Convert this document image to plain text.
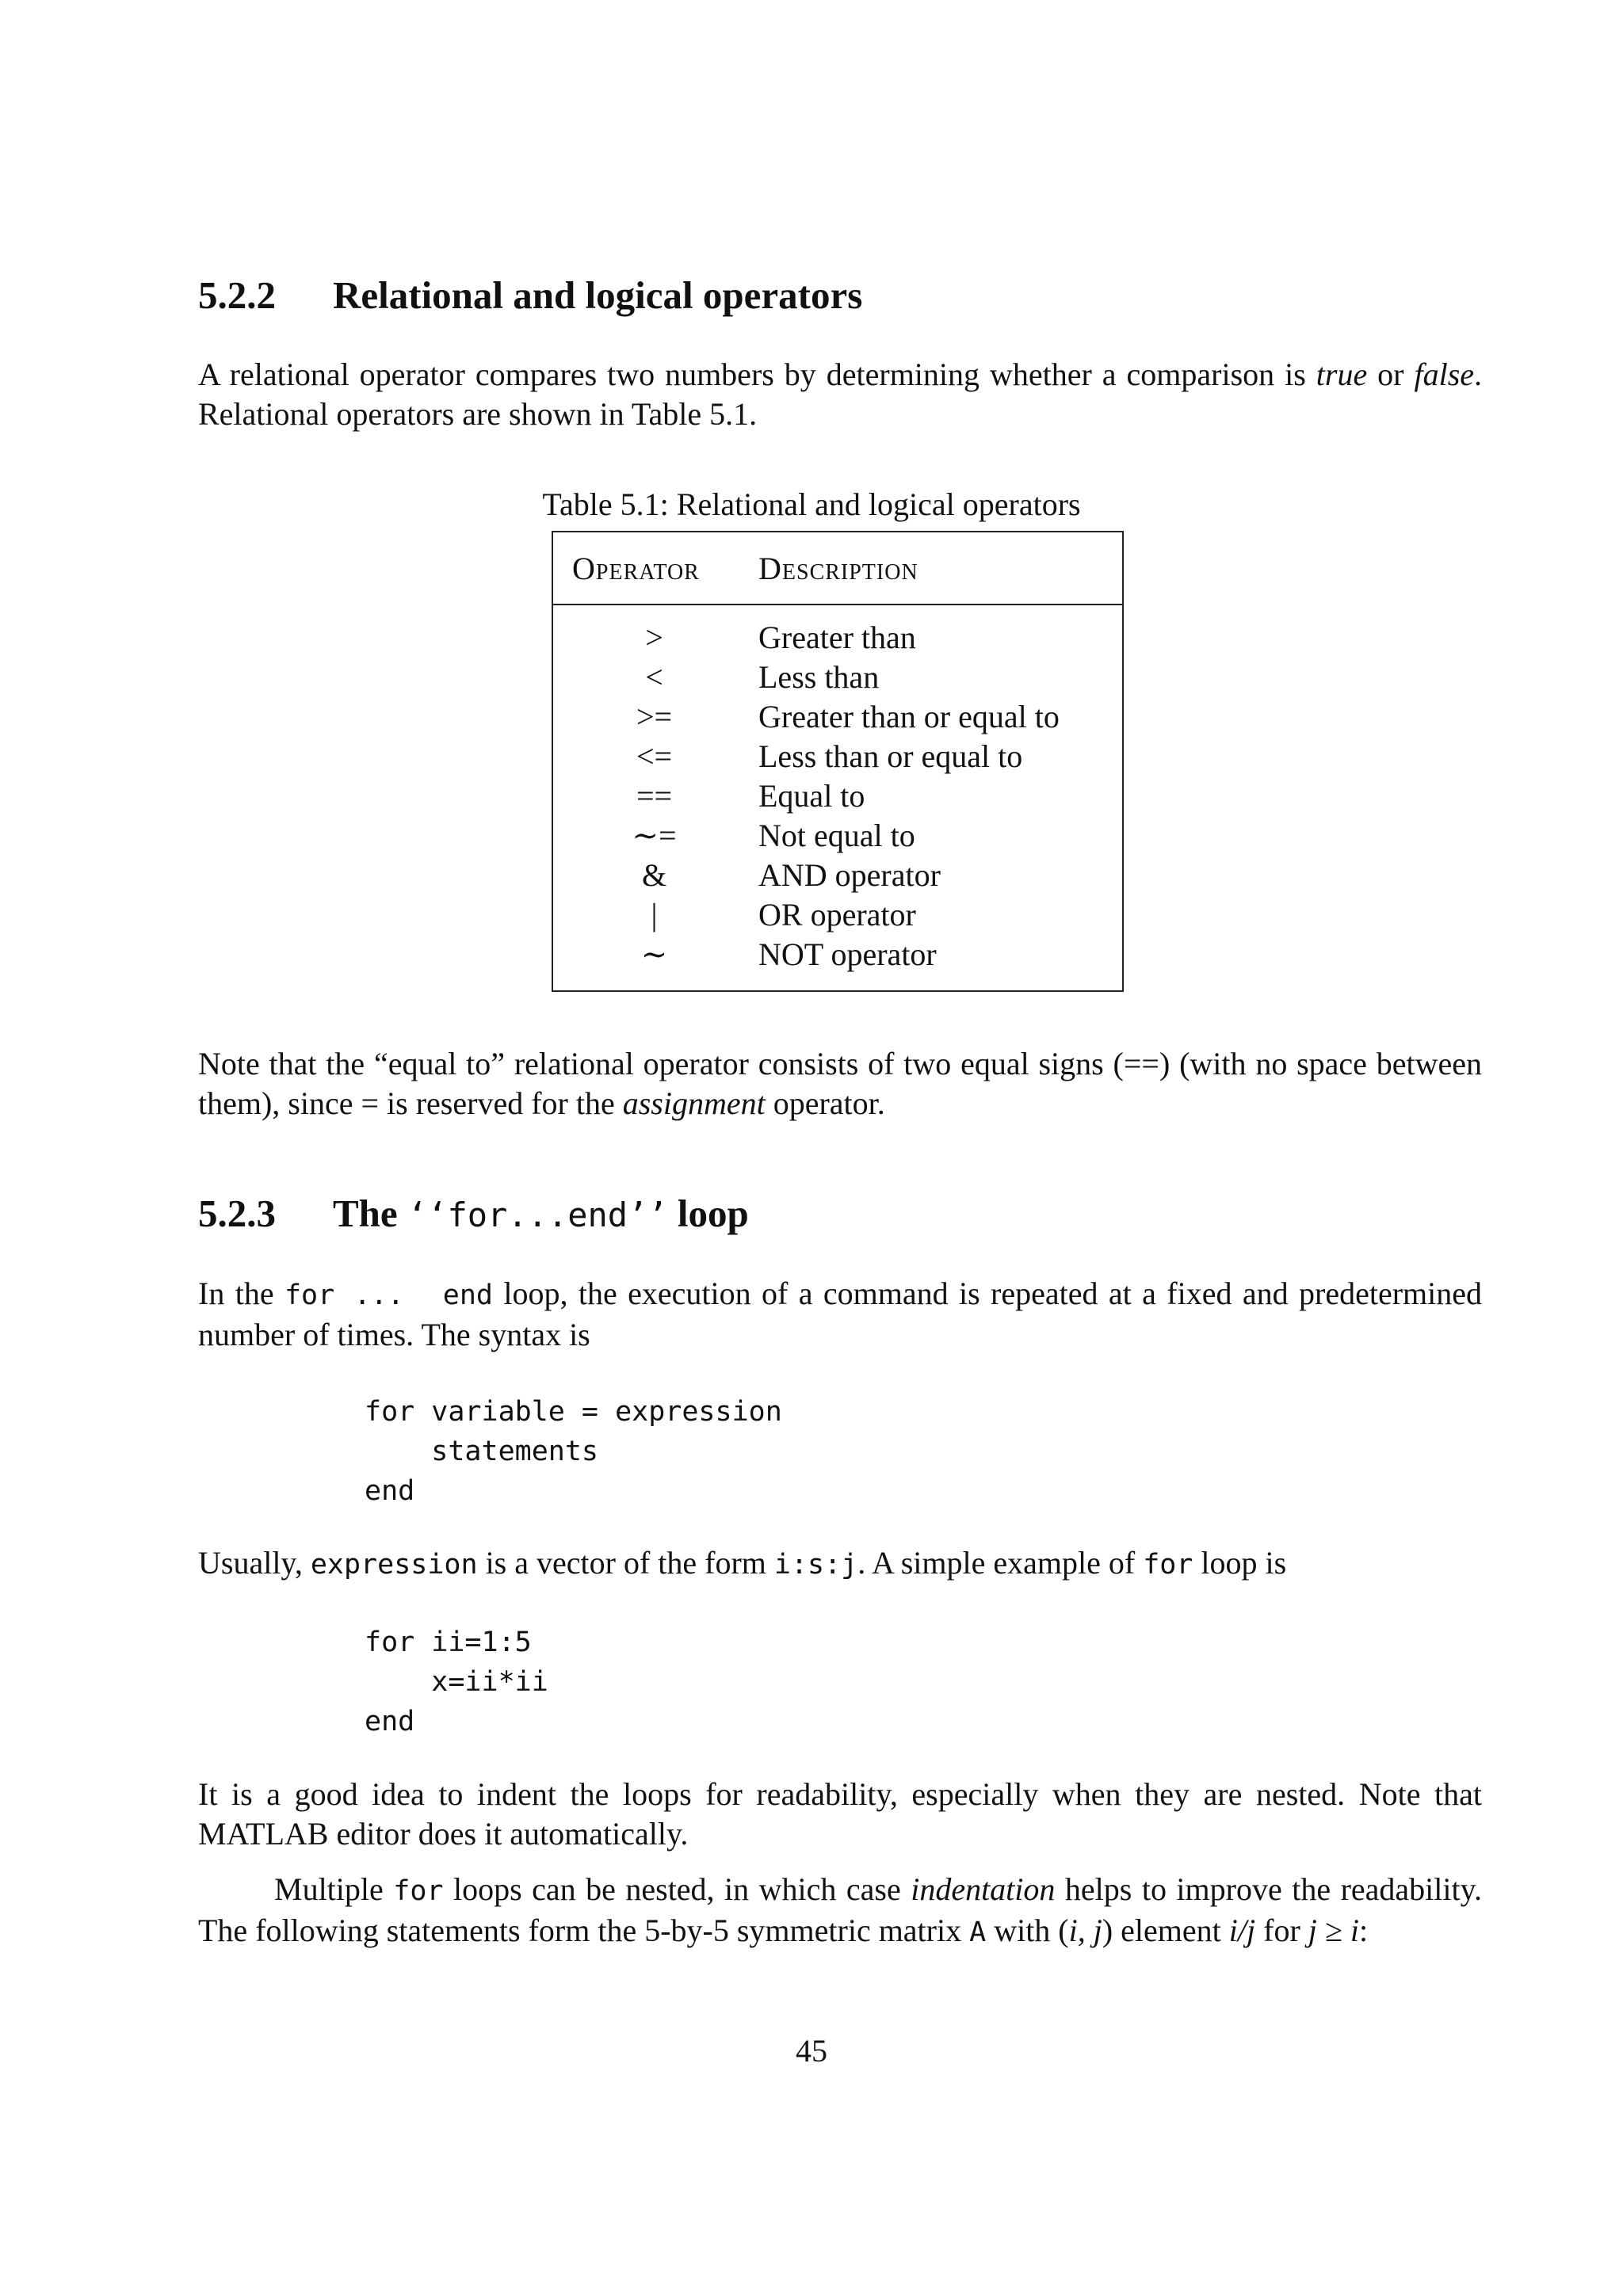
5.2.2 Relational and logical operators

A relational operator compares two numbers by determining whether a comparison is true or false. Relational operators are shown in Table 5.1.

Table 5.1: Relational and logical operators
Operator	Description
>	Greater than
<	Less than
>=	Greater than or equal to
<=	Less than or equal to
==	Equal to
∼=	Not equal to
&	AND operator
|	OR operator
∼	NOT operator

Note that the “equal to” relational operator consists of two equal signs (==) (with no space between them), since = is reserved for the assignment operator.

5.2.3 The ‘‘for...end’’ loop

In the for ...  end loop, the execution of a command is repeated at a fixed and predetermined number of times. The syntax is

for variable = expression
statements
end

Usually, expression is a vector of the form i:s:j. A simple example of for loop is

for ii=1:5
x=ii*ii
end

It is a good idea to indent the loops for readability, especially when they are nested. Note that MATLAB editor does it automatically.

Multiple for loops can be nested, in which case indentation helps to improve the readability. The following statements form the 5-by-5 symmetric matrix A with (i, j) element i/j for j ≥ i:

45
